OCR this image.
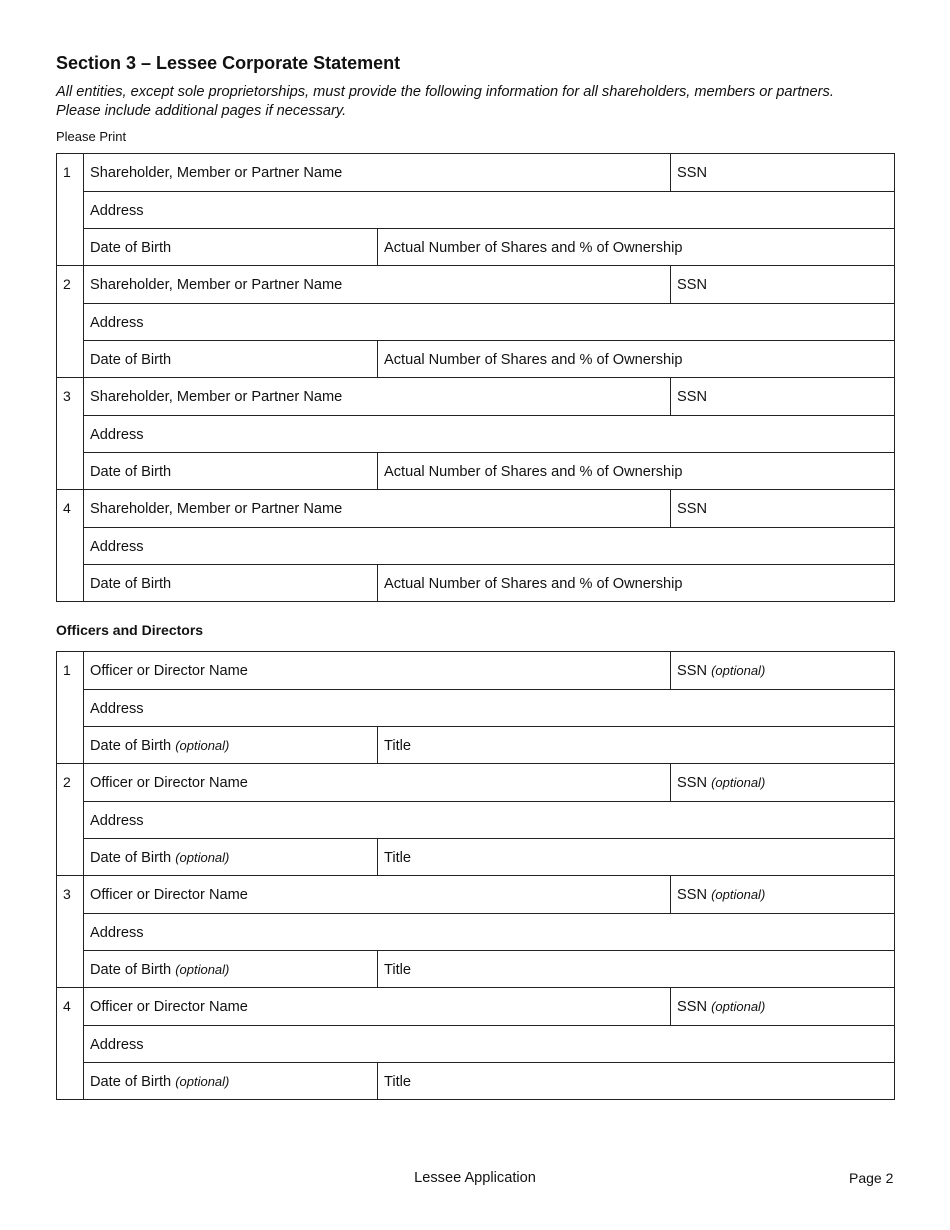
Section 3 – Lessee Corporate Statement

All entities, except sole proprietorships, must provide the following information for all shareholders, members or partners.
Please include additional pages if necessary.

Please Print
1	Shareholder, Member or Partner Name	SSN
Address
Date of Birth	Actual Number of Shares and % of Ownership
2	Shareholder, Member or Partner Name	SSN
Address
Date of Birth	Actual Number of Shares and % of Ownership
3	Shareholder, Member or Partner Name	SSN
Address
Date of Birth	Actual Number of Shares and % of Ownership
4	Shareholder, Member or Partner Name	SSN
Address
Date of Birth	Actual Number of Shares and % of Ownership
Officers and Directors
1	Officer or Director Name	SSN (optional)
Address
Date of Birth (optional)	Title
2	Officer or Director Name	SSN (optional)
Address
Date of Birth (optional)	Title
3	Officer or Director Name	SSN (optional)
Address
Date of Birth (optional)	Title
4	Officer or Director Name	SSN (optional)
Address
Date of Birth (optional)	Title
Lessee Application	Page 2
